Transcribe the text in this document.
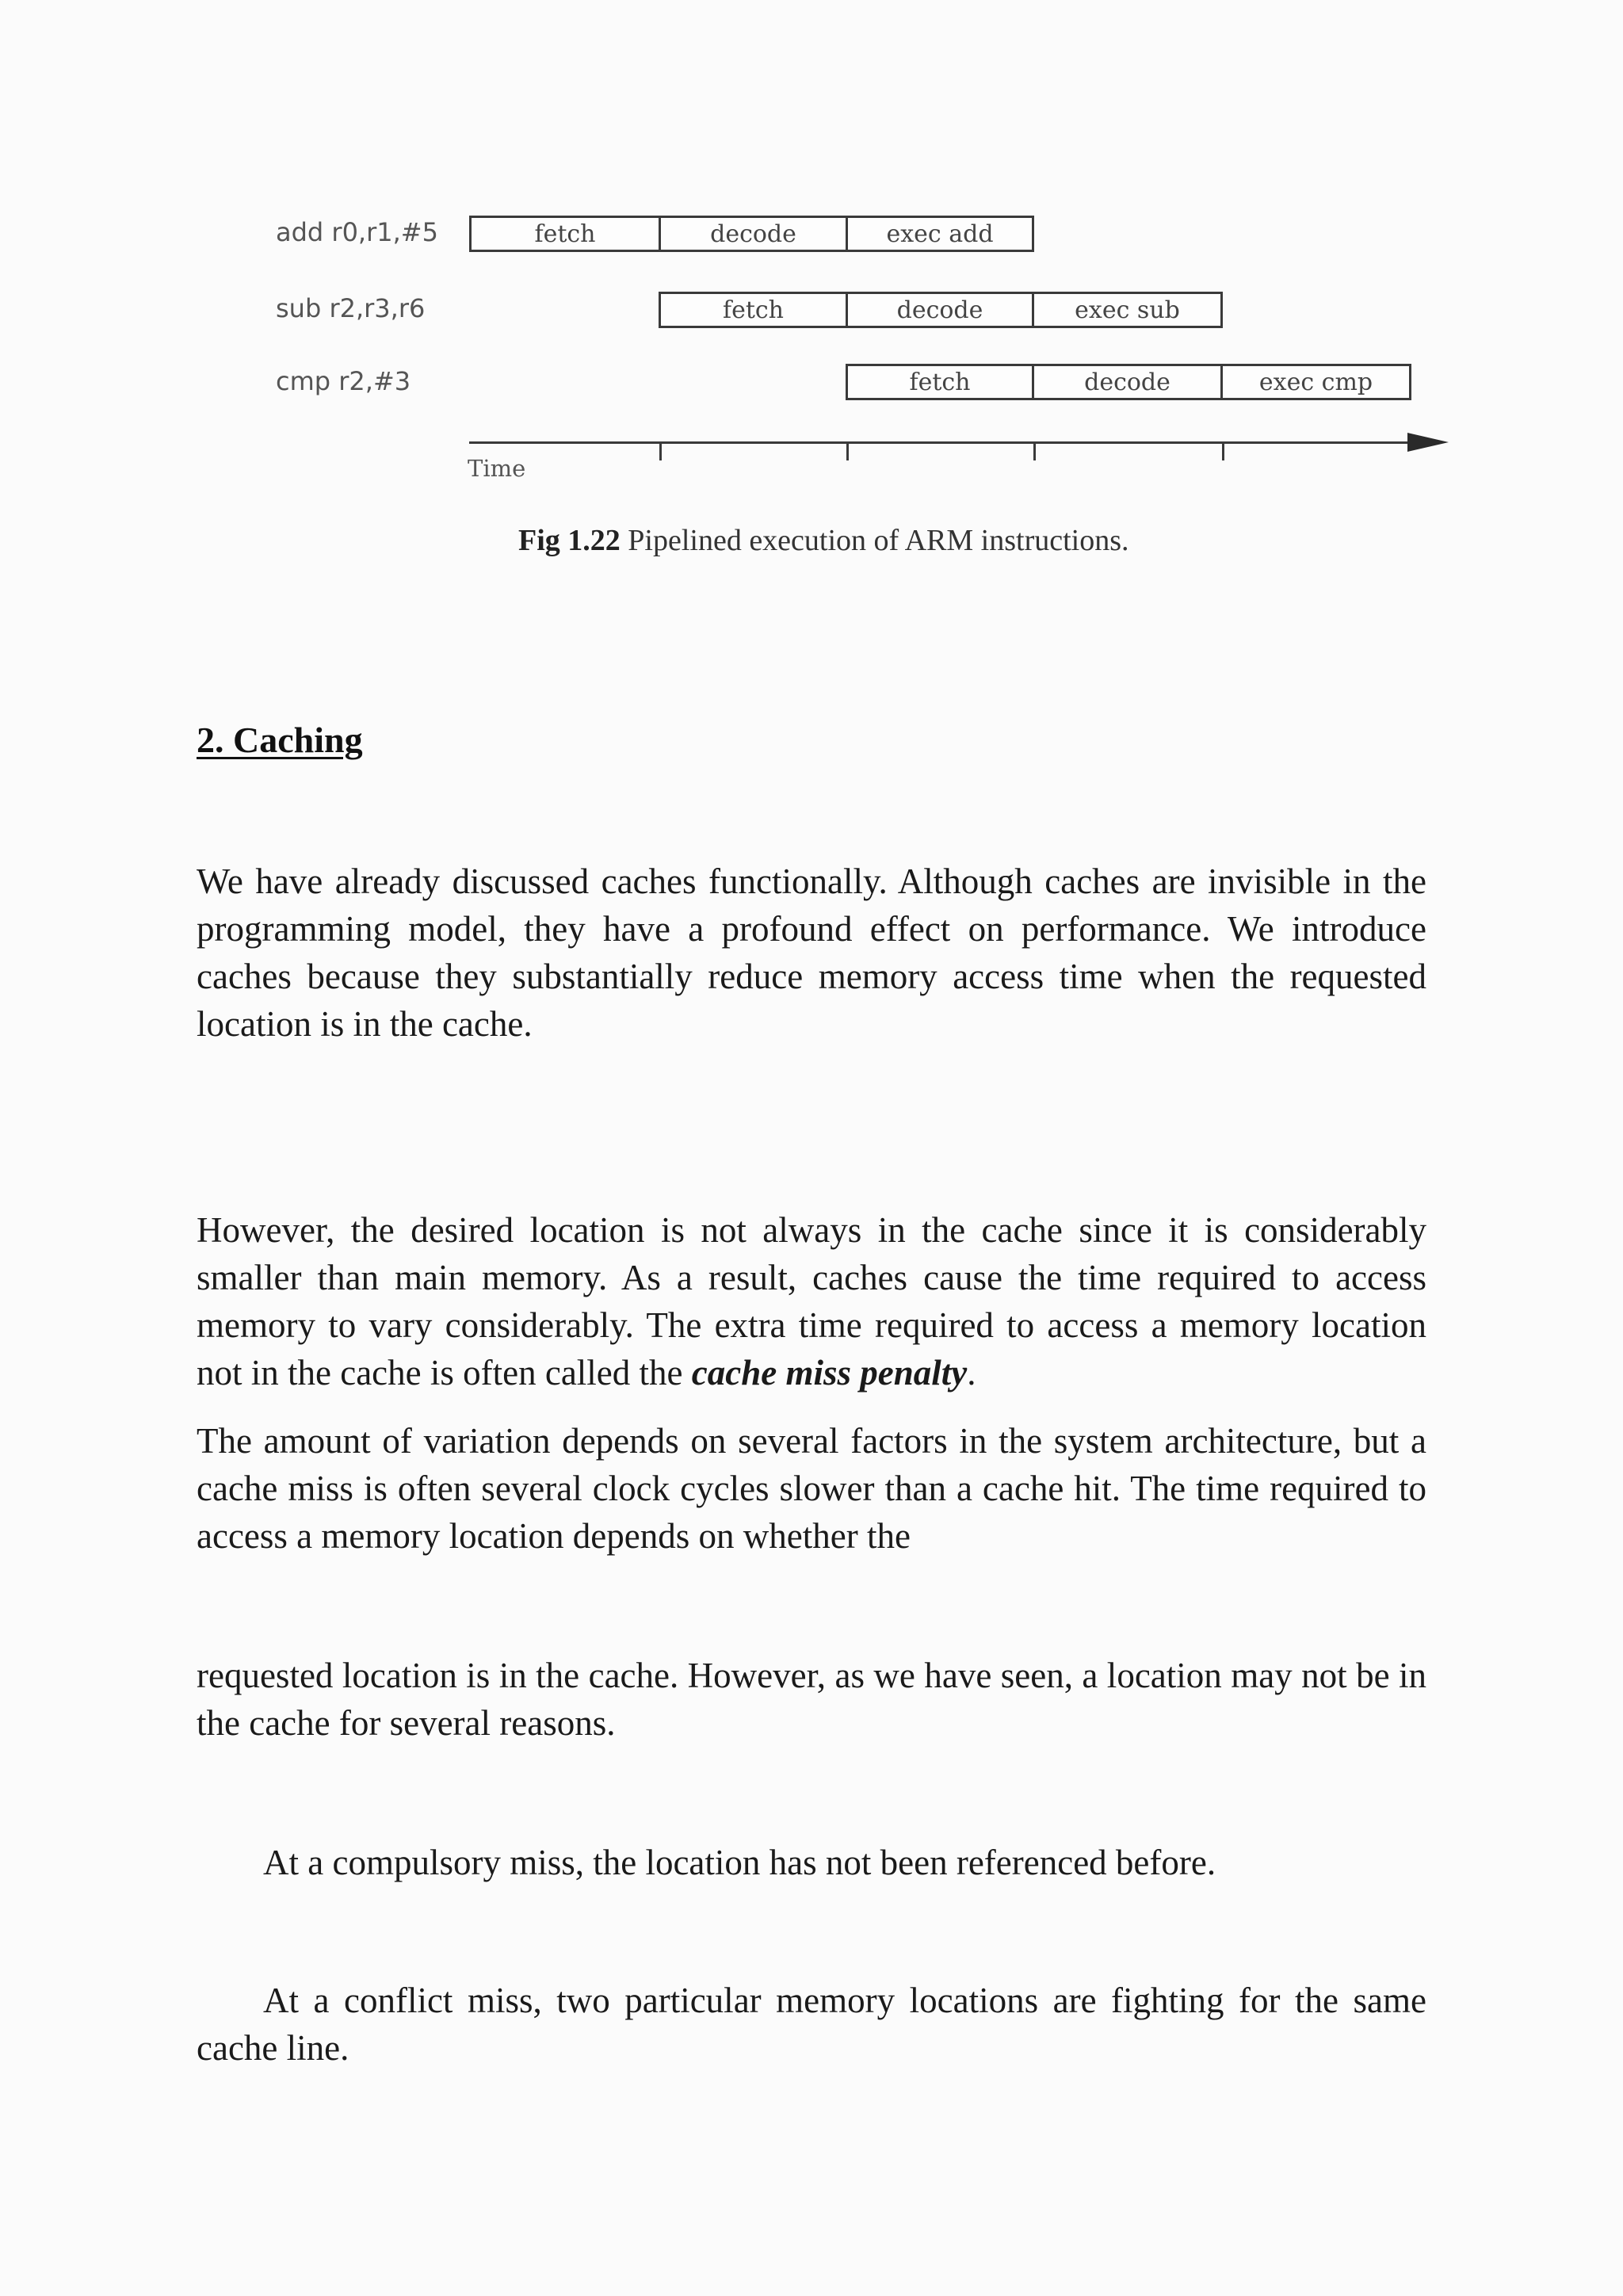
add r0,r1,#5	fetch	decode	exec add
sub r2,r3,r6	fetch	decode	exec sub
cmp r2,#3	fetch	decode	exec cmp
Time
Fig 1.22 Pipelined execution of ARM instructions.
2. Caching

We have already discussed caches functionally. Although caches are invisible in the programming model, they have a profound effect on performance. We introduce caches because they substantially reduce memory access time when the requested location is in the cache.

However, the desired location is not always in the cache since it is considerably smaller than main memory. As a result, caches cause the time required to access memory to vary considerably. The extra time required to access a memory location not in the cache is often called the cache miss penalty.

The amount of variation depends on several factors in the system architecture, but a cache miss is often several clock cycles slower than a cache hit. The time required to access a memory location depends on whether the

requested location is in the cache. However, as we have seen, a location may not be in the cache for several reasons.

At a compulsory miss, the location has not been referenced before.

At a conflict miss, two particular memory locations are fighting for the same cache line.
